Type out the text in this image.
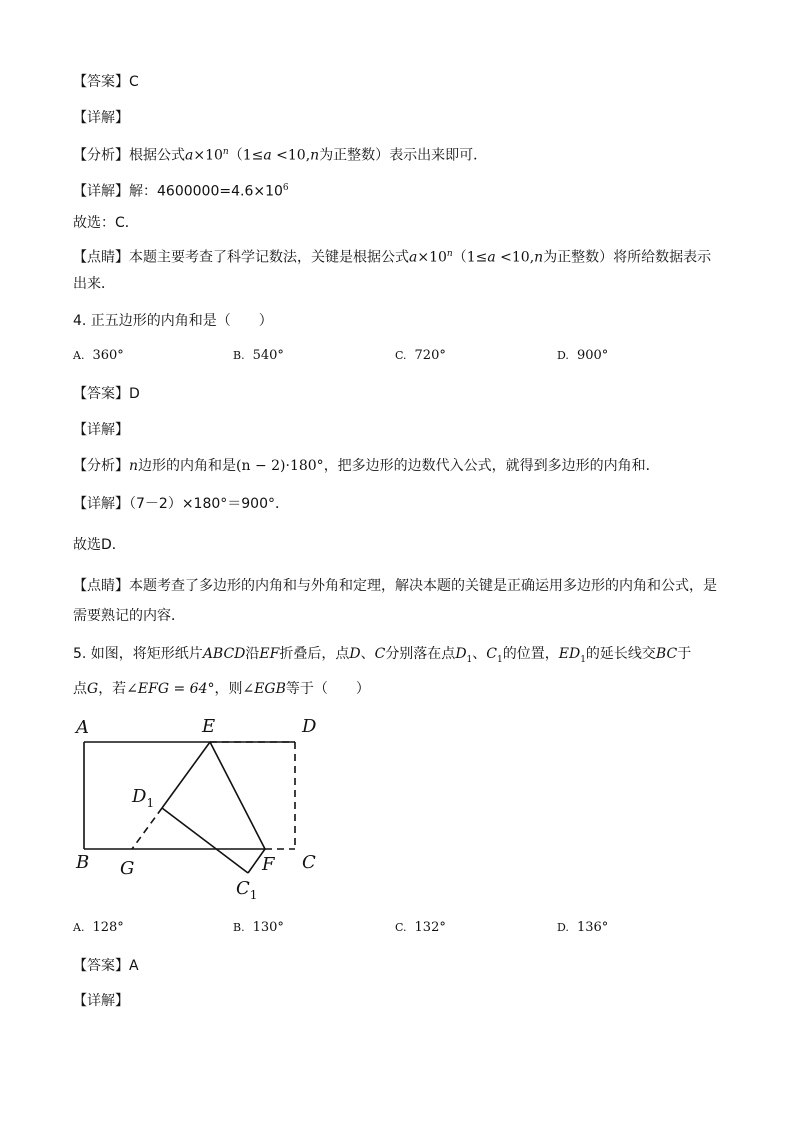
【答案】C
【详解】
【分析】根据公式$a\times 10^n(1\le a <10,n$为正整数）表示出来即可．
【详解】解：$4600000=4.6\times 10^6$
故选：C．
【点睛】本题主要考查了科学记数法，关键是根据公式$a\times 10^n(1\le a <10,n$为正整数）将所给数据表示
出来．
4. 正五边形的内角和是（　　）
A. 360°	B. 540°	C. 720°	D. 900°
【答案】D
【详解】
【分析】n边形的内角和是(n − 2)·180°，把多边形的边数代入公式，就得到多边形的内角和．
【详解】（7－2）×180°＝900°．
故选D．
【点睛】本题考查了多边形的内角和与外角和定理，解决本题的关键是正确运用多边形的内角和公式，是
需要熟记的内容．
5. 如图，将矩形纸片ABCD沿EF折叠后，点D、C分别落在点$D_1$、$C_1$的位置，$ED_1$的延长线交BC于
点G，若∠EFG = 64°，则∠EGB等于（　　）
A	E	D
$D_1$
B G	F C
$C_1$
A. 128°	B. 130°	C. 132°	D. 136°
【答案】A
【详解】
